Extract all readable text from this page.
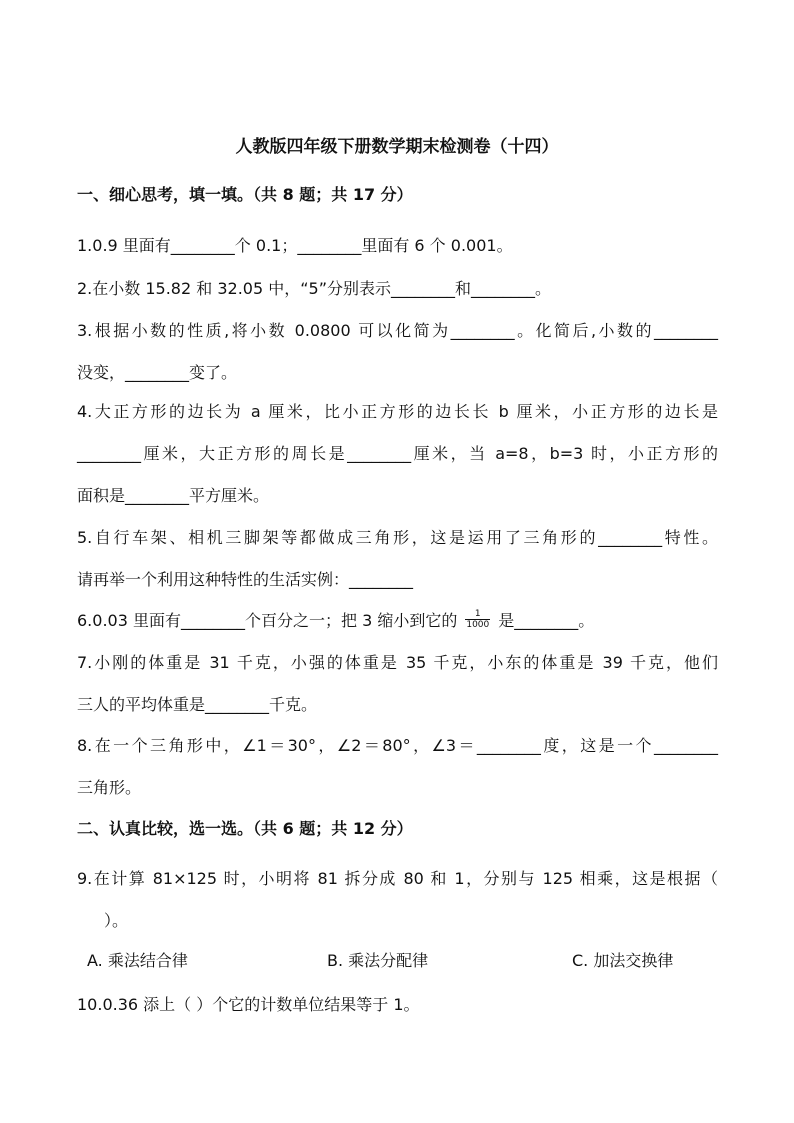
人教版四年级下册数学期末检测卷（十四）
一、细心思考，填一填。（共 8 题；共 17 分）
1.0.9 里面有________个 0.1；________里面有 6 个 0.001。
2.在小数 15.82 和 32.05 中，“5”分别表示________和________。
3.根据小数的性质,将小数 0.0800 可以化简为________。化简后,小数的________
没变，________变了。
4.大正方形的边长为 a 厘米，比小正方形的边长长 b 厘米，小正方形的边长是
________厘米，大正方形的周长是________厘米，当 a=8，b=3 时，小正方形的
面积是________平方厘米。
5.自行车架、相机三脚架等都做成三角形，这是运用了三角形的________特性。
请再举一个利用这种特性的生活实例：________
6.0.03 里面有________个百分之一；把 3 缩小到它的 $\frac{1}{1000}$ 是________。
7.小刚的体重是 31 千克，小强的体重是 35 千克，小东的体重是 39 千克，他们
三人的平均体重是________千克。
8.在一个三角形中，∠1＝30°，∠2＝80°，∠3＝________度，这是一个________
三角形。
二、认真比较，选一选。（共 6 题；共 12 分）
9.在计算 81×125 时，小明将 81 拆分成 80 和 1，分别与 125 相乘，这是根据（
）。
A. 乘法结合律	B. 乘法分配律	C. 加法交换律
10.0.36 添上（ ）个它的计数单位结果等于 1。
